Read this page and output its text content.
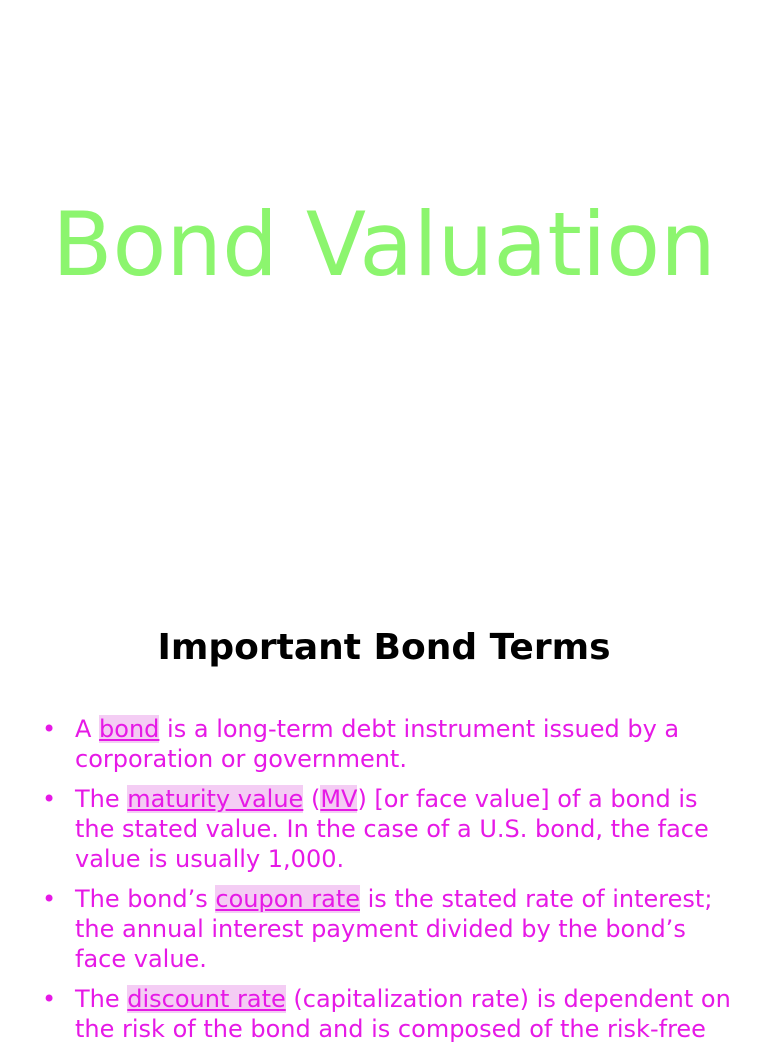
Bond Valuation
Important Bond Terms
• A bond is a long-term debt instrument issued by a corporation or government.
• The maturity value (MV) [or face value] of a bond is the stated value. In the case of a U.S. bond, the face value is usually 1,000.
• The bond’s coupon rate is the stated rate of interest; the annual interest payment divided by the bond’s face value.
• The discount rate (capitalization rate) is dependent on the risk of the bond and is composed of the risk-free
